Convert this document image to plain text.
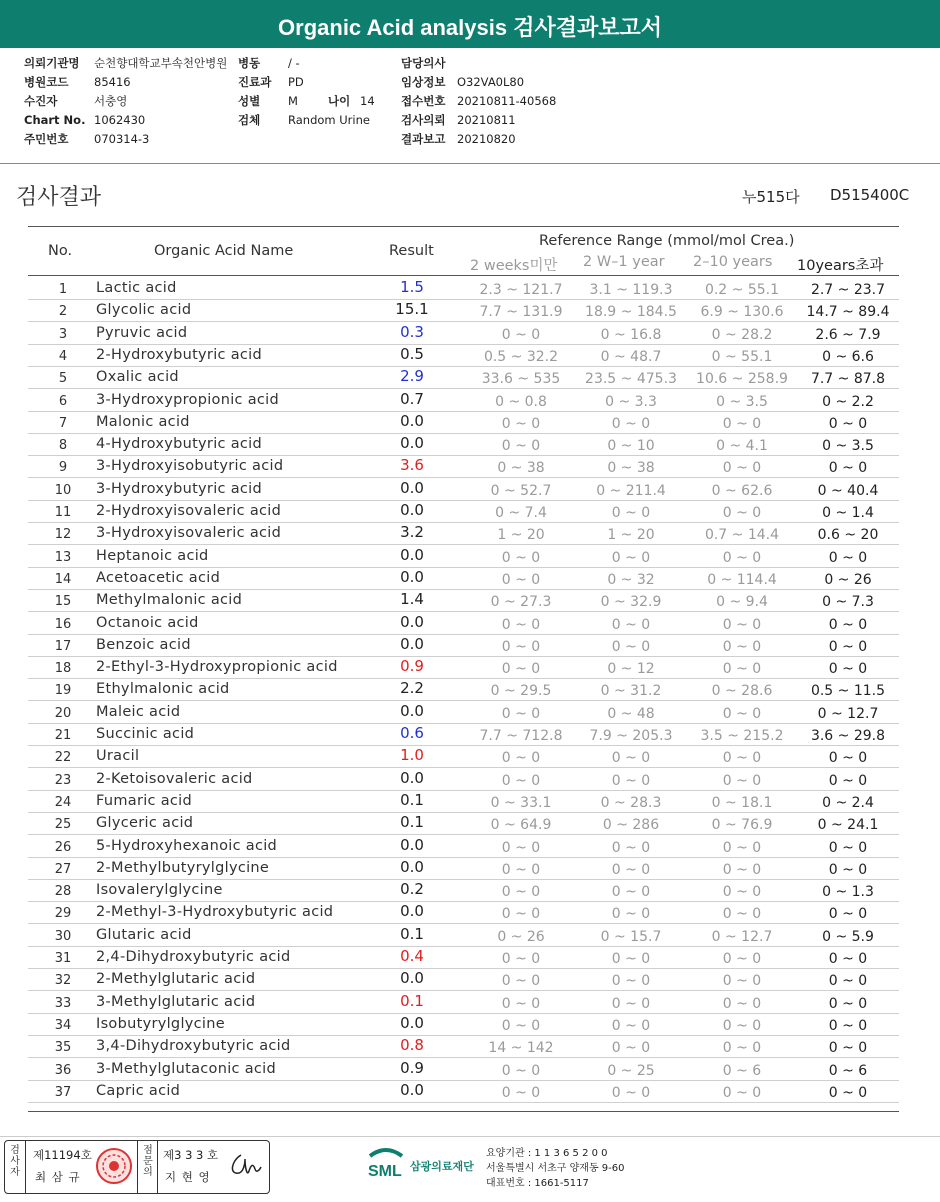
Organic Acid analysis 검사결과보고서
의뢰기관명 순천향대학교부속천안병원
병원코드 85416
수진자	서충영
Chart No. 1062430
주민번호 070314-3
병동 / -
진료과 PD
성별 M	나이 14
검체 Random Urine
담당의사
임상정보 O32VA0L80
접수번호 20210811-40568
검사의뢰 20210811
결과보고 20210820
검사결과	누515다 D515400C
No.	Organic Acid Name	Result
Reference Range (mmol/mol Crea.)
2 weeks미만 2 W–1 year 2–10 years 10years초과
1	Lactic acid	1.5	2.3 ~ 121.7	3.1 ~ 119.3	0.2 ~ 55.1	2.7 ~ 23.7
2	Glycolic acid	15.1	7.7 ~ 131.9	18.9 ~ 184.5	6.9 ~ 130.6	14.7 ~ 89.4
3	Pyruvic acid	0.3	0 ~ 0	0 ~ 16.8	0 ~ 28.2	2.6 ~ 7.9
4	2-Hydroxybutyric acid	0.5	0.5 ~ 32.2	0 ~ 48.7	0 ~ 55.1	0 ~ 6.6
5	Oxalic acid	2.9	33.6 ~ 535	23.5 ~ 475.3	10.6 ~ 258.9	7.7 ~ 87.8
6	3-Hydroxypropionic acid	0.7	0 ~ 0.8	0 ~ 3.3	0 ~ 3.5	0 ~ 2.2
7	Malonic acid	0.0	0 ~ 0	0 ~ 0	0 ~ 0	0 ~ 0
8	4-Hydroxybutyric acid	0.0	0 ~ 0	0 ~ 10	0 ~ 4.1	0 ~ 3.5
9	3-Hydroxyisobutyric acid	3.6	0 ~ 38	0 ~ 38	0 ~ 0	0 ~ 0
10	3-Hydroxybutyric acid	0.0	0 ~ 52.7	0 ~ 211.4	0 ~ 62.6	0 ~ 40.4
11	2-Hydroxyisovaleric acid	0.0	0 ~ 7.4	0 ~ 0	0 ~ 0	0 ~ 1.4
12	3-Hydroxyisovaleric acid	3.2	1 ~ 20	1 ~ 20	0.7 ~ 14.4	0.6 ~ 20
13	Heptanoic acid	0.0	0 ~ 0	0 ~ 0	0 ~ 0	0 ~ 0
14	Acetoacetic acid	0.0	0 ~ 0	0 ~ 32	0 ~ 114.4	0 ~ 26
15	Methylmalonic acid	1.4	0 ~ 27.3	0 ~ 32.9	0 ~ 9.4	0 ~ 7.3
16	Octanoic acid	0.0	0 ~ 0	0 ~ 0	0 ~ 0	0 ~ 0
17	Benzoic acid	0.0	0 ~ 0	0 ~ 0	0 ~ 0	0 ~ 0
18	2-Ethyl-3-Hydroxypropionic acid	0.9	0 ~ 0	0 ~ 12	0 ~ 0	0 ~ 0
19	Ethylmalonic acid	2.2	0 ~ 29.5	0 ~ 31.2	0 ~ 28.6	0.5 ~ 11.5
20	Maleic acid	0.0	0 ~ 0	0 ~ 48	0 ~ 0	0 ~ 12.7
21	Succinic acid	0.6	7.7 ~ 712.8	7.9 ~ 205.3	3.5 ~ 215.2	3.6 ~ 29.8
22	Uracil	1.0	0 ~ 0	0 ~ 0	0 ~ 0	0 ~ 0
23	2-Ketoisovaleric acid	0.0	0 ~ 0	0 ~ 0	0 ~ 0	0 ~ 0
24	Fumaric acid	0.1	0 ~ 33.1	0 ~ 28.3	0 ~ 18.1	0 ~ 2.4
25	Glyceric acid	0.1	0 ~ 64.9	0 ~ 286	0 ~ 76.9	0 ~ 24.1
26	5-Hydroxyhexanoic acid	0.0	0 ~ 0	0 ~ 0	0 ~ 0	0 ~ 0
27	2-Methylbutyrylglycine	0.0	0 ~ 0	0 ~ 0	0 ~ 0	0 ~ 0
28	Isovalerylglycine	0.2	0 ~ 0	0 ~ 0	0 ~ 0	0 ~ 1.3
29	2-Methyl-3-Hydroxybutyric acid	0.0	0 ~ 0	0 ~ 0	0 ~ 0	0 ~ 0
30	Glutaric acid	0.1	0 ~ 26	0 ~ 15.7	0 ~ 12.7	0 ~ 5.9
31	2,4-Dihydroxybutyric acid	0.4	0 ~ 0	0 ~ 0	0 ~ 0	0 ~ 0
32	2-Methylglutaric acid	0.0	0 ~ 0	0 ~ 0	0 ~ 0	0 ~ 0
33	3-Methylglutaric acid	0.1	0 ~ 0	0 ~ 0	0 ~ 0	0 ~ 0
34	Isobutyrylglycine	0.0	0 ~ 0	0 ~ 0	0 ~ 0	0 ~ 0
35	3,4-Dihydroxybutyric acid	0.8	14 ~ 142	0 ~ 0	0 ~ 0	0 ~ 0
36	3-Methylglutaconic acid	0.9	0 ~ 0	0 ~ 25	0 ~ 6	0 ~ 6
37	Capric acid	0.0	0 ~ 0	0 ~ 0	0 ~ 0	0 ~ 0
검사자
제11194호
최 삼 규
점문의
제3 3 3 호
지 현 영	SML 삼광의료재단
요양기관 : 1 1 3 6 5 2 0 0
서울특별시 서초구 양재동 9-60
대표번호 : 1661-5117
